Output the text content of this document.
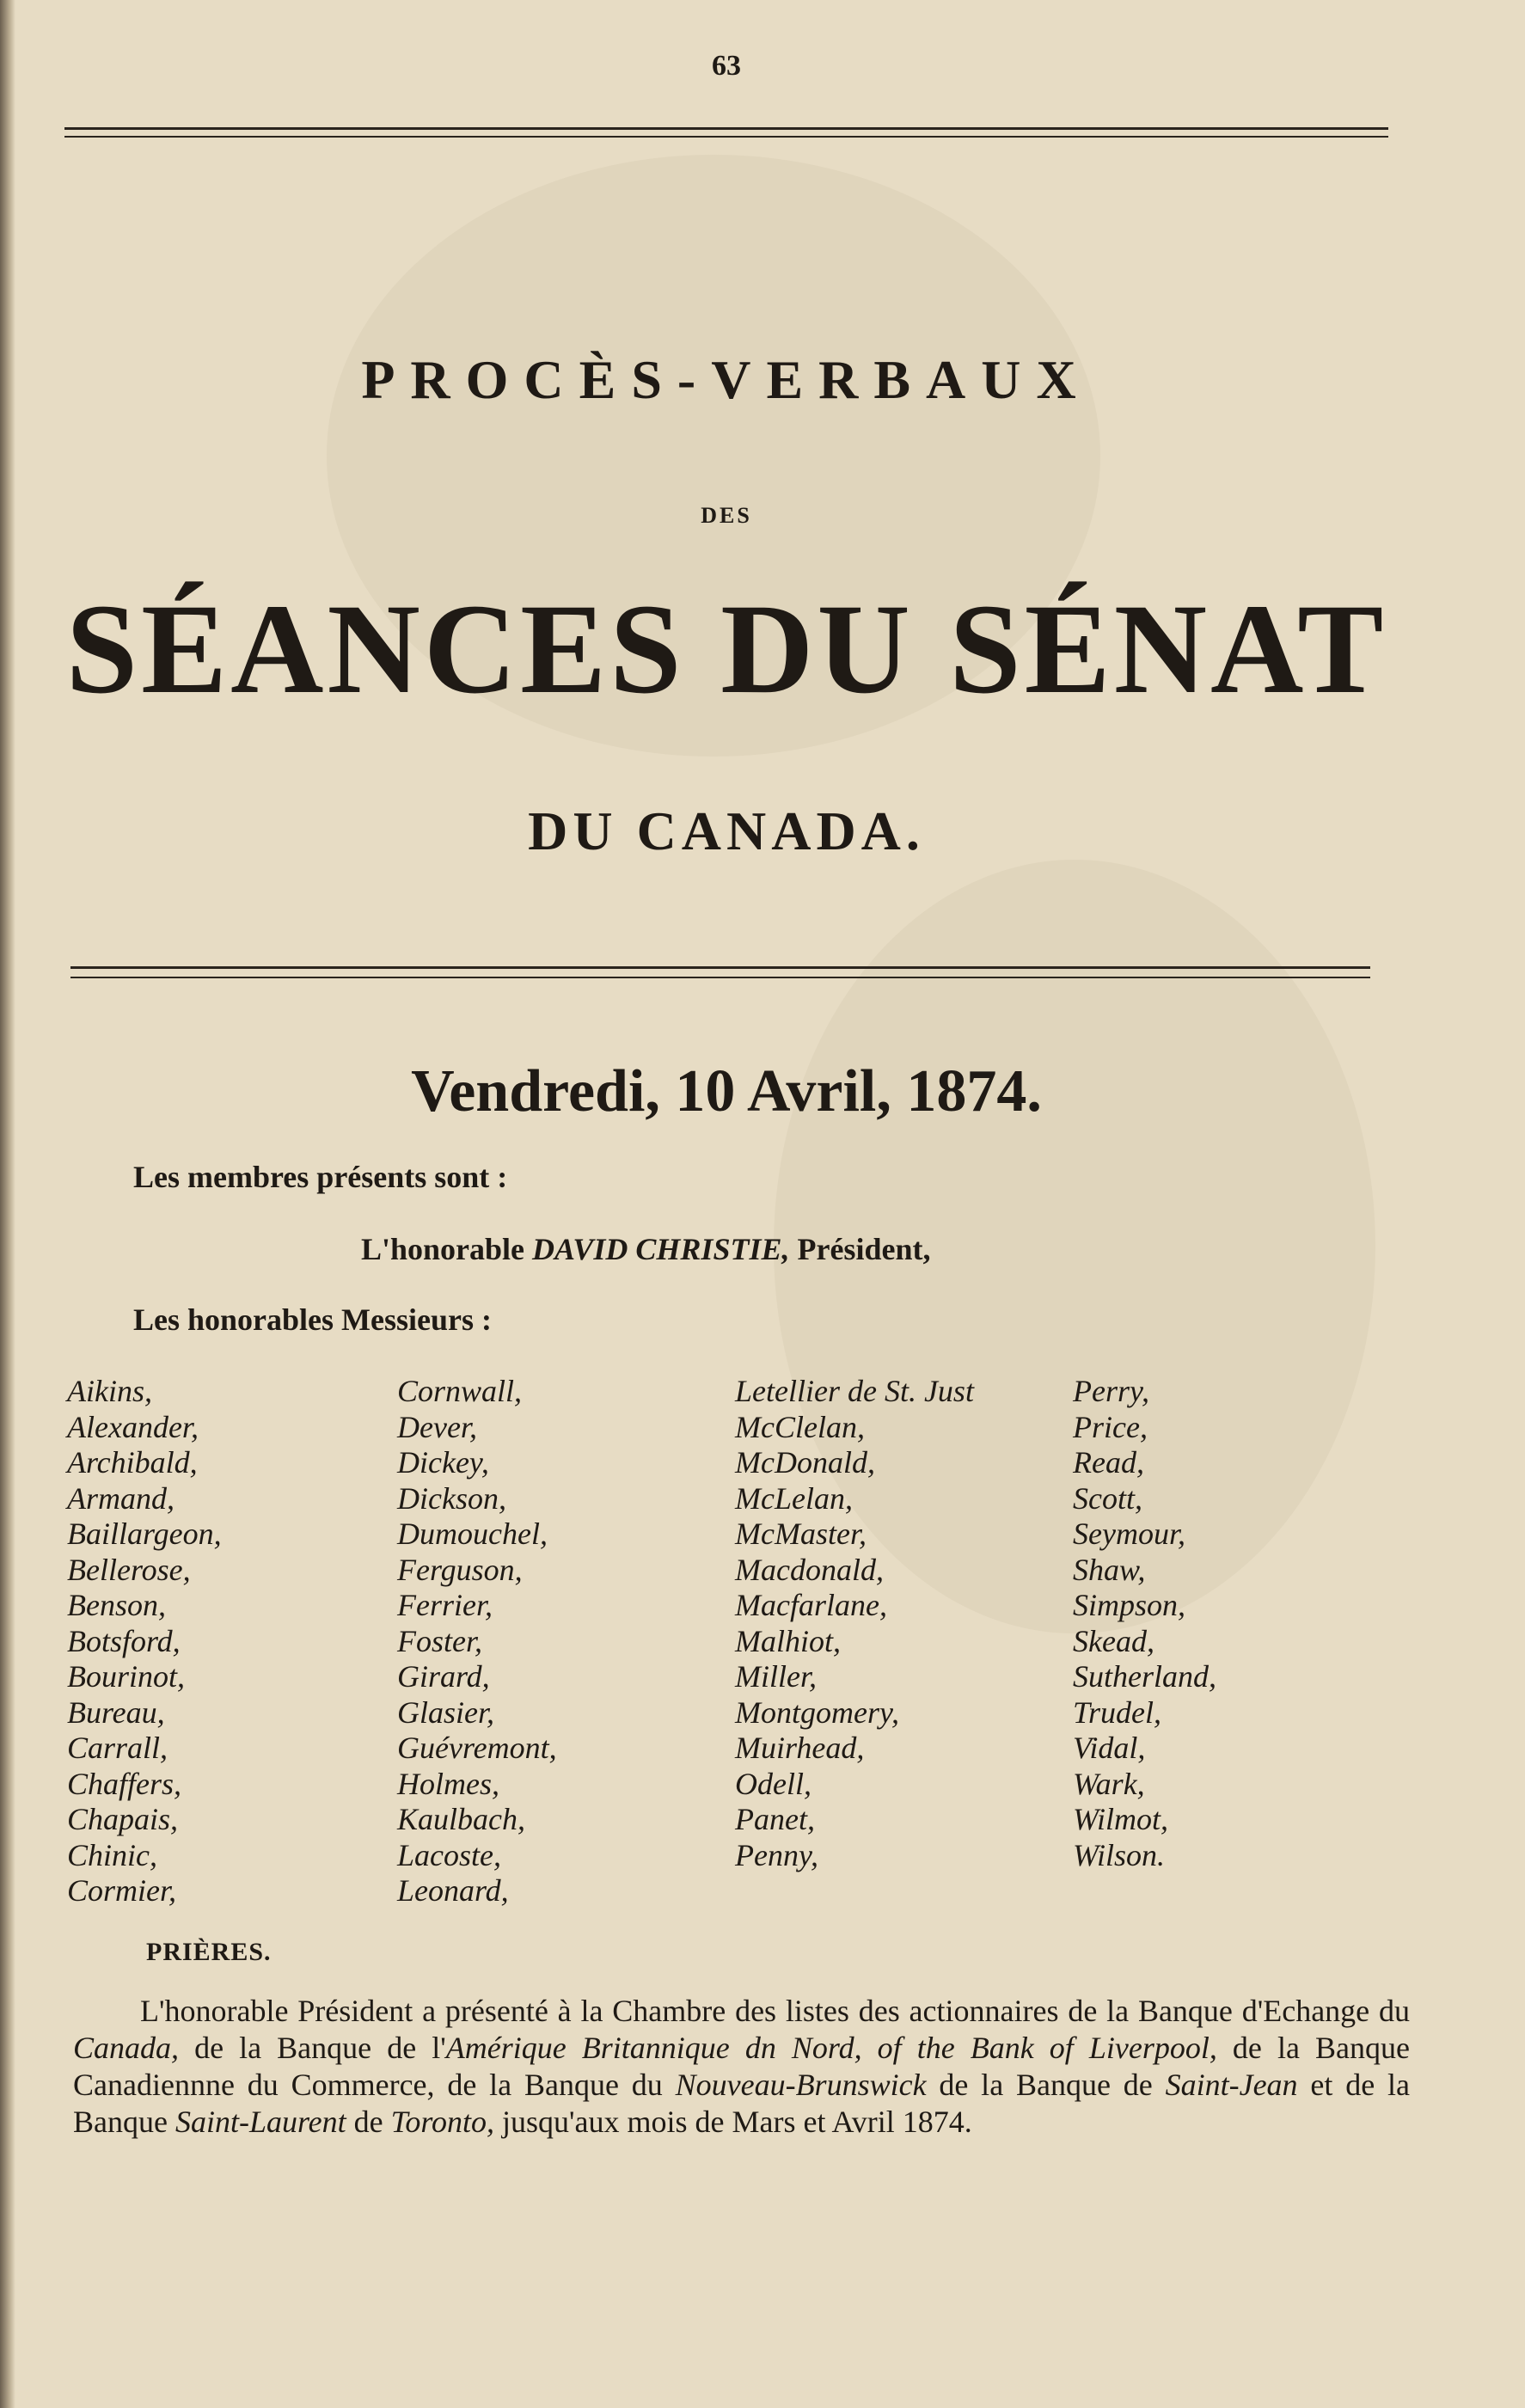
63
PROCÈS-VERBAUX
DES
SÉANCES DU SÉNAT
DU CANADA.
Vendredi, 10 Avril, 1874.
Les membres présents sont :
L'honorable DAVID CHRISTIE, Président,
Les honorables Messieurs :
Aikins,
Alexander,
Archibald,
Armand,
Baillargeon,
Bellerose,
Benson,
Botsford,
Bourinot,
Bureau,
Carrall,
Chaffers,
Chapais,
Chinic,
Cormier,
Cornwall,
Dever,
Dickey,
Dickson,
Dumouchel,
Ferguson,
Ferrier,
Foster,
Girard,
Glasier,
Guévremont,
Holmes,
Kaulbach,
Lacoste,
Leonard,
Letellier de St. Just
McClelan,
McDonald,
McLelan,
McMaster,
Macdonald,
Macfarlane,
Malhiot,
Miller,
Montgomery,
Muirhead,
Odell,
Panet,
Penny,
Perry,
Price,
Read,
Scott,
Seymour,
Shaw,
Simpson,
Skead,
Sutherland,
Trudel,
Vidal,
Wark,
Wilmot,
Wilson.
PRIÈRES.
L'honorable Président a présenté à la Chambre des listes des actionnaires de la Banque d'Echange du Canada, de la Banque de l'Amérique Britannique dn Nord, of the Bank of Liverpool, de la Banque Canadiennne du Commerce, de la Banque du Nouveau-Brunswick de la Banque de Saint-Jean et de la Banque Saint-Laurent de Toronto, jusqu'aux mois de Mars et Avril 1874.
